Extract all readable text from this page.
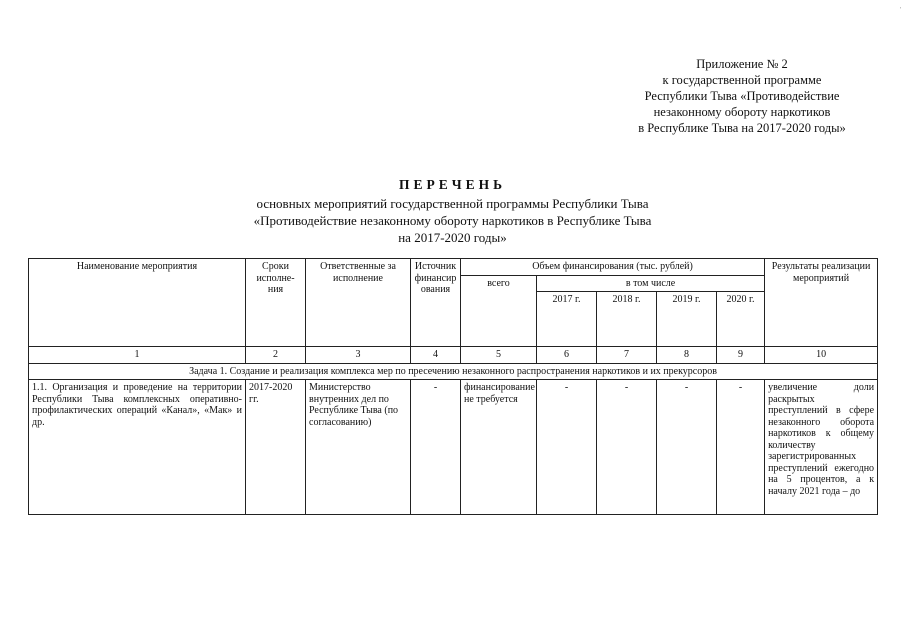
'
Приложение № 2
к государственной программе
Республики Тыва «Противодействие
незаконному обороту наркотиков
в Республике Тыва на 2017-2020 годы»
ПЕРЕЧЕНЬ
основных мероприятий государственной программы Республики Тыва
«Противодействие незаконному обороту наркотиков в Республике Тыва
на 2017-2020 годы»
Наименование мероприятия	Сроки исполне-ния	Ответственные за исполнение	Источник финансирования	Объем финансирования (тыс. рублей)					Результаты реализации мероприятий
				всего	в том числе				
					2017 г.	2018 г.	2019 г.	2020 г.	
1	2	3	4	5	6	7	8	9	10
Задача 1. Создание и реализация комплекса мер по пресечению незаконного распространения наркотиков и их прекурсоров									
1.1. Организация и проведение на территории Республики Тыва комплексных оперативно-профилактических операций «Канал», «Мак» и др.	2017-2020 гг.	Министерство внутренних дел по Республике Тыва (по согласованию)	-	финансирование не требуется	-	-	-	-	увеличение доли раскрытых преступлений в сфере незаконного оборота наркотиков к общему количеству зарегистрированных преступлений ежегодно на 5 процентов, а к началу 2021 года – до
